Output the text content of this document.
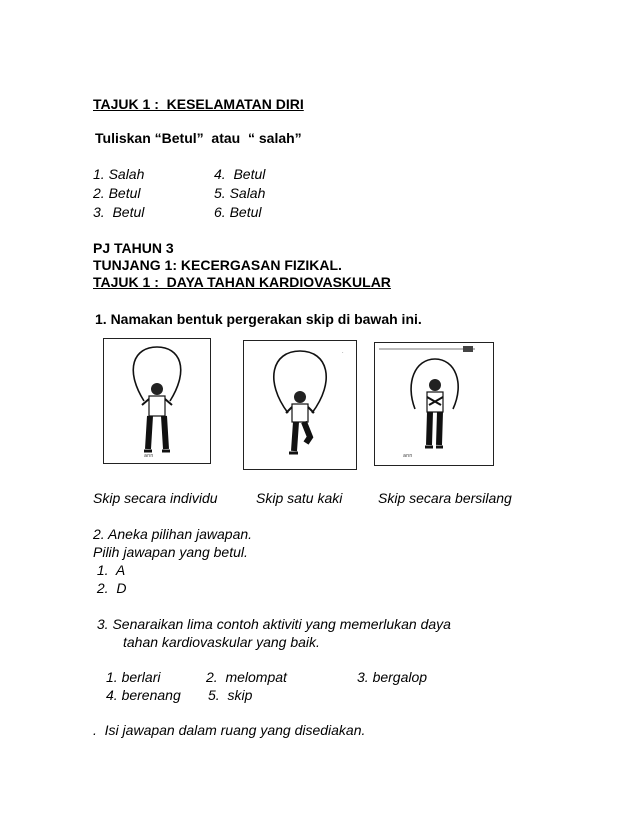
TAJUK 1 :  KESELAMATAN DIRI
Tuliskan “Betul”  atau  “ salah”
1. Salah	4.  Betul
2. Betul	5. Salah
3.  Betul	6. Betul
PJ TAHUN 3
TUNJANG 1: KECERGASAN FIZIKAL.
TAJUK 1 :  DAYA TAHAN KARDIOVASKULAR
1. Namakan bentuk pergerakan skip di bawah ini.
ann
.
ann
Skip secara individu	Skip satu kaki	Skip secara bersilang
2. Aneka pilihan jawapan.
Pilih jawapan yang betul.
1.  A
2.  D
3. Senaraikan lima contoh aktiviti yang memerlukan daya
tahan kardiovaskular yang baik.
1. berlari	2.  melompat	3. bergalop
4. berenang 5.  skip
.  Isi jawapan dalam ruang yang disediakan.
